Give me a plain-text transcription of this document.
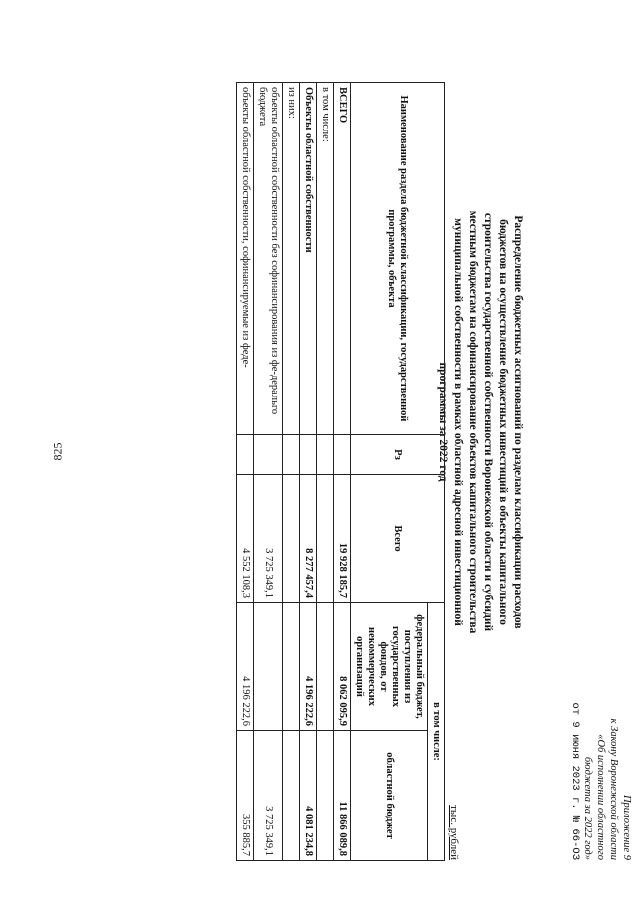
825
Приложение 9
к Закону Воронежской области
«Об исполнении областного
бюджета за 2022 год»
от 9 июня 2023 г. № 66-ОЗ
Распределение бюджетных ассигнований по разделам классификации расходов бюджетов на осуществление бюджетных инвестиций в объекты капитального строительства государственной собственности Воронежской области и субсидий местным бюджетам на софинансирование объектов капитального строительства муниципальной собственности в рамках областной адресной инвестиционной программы за 2022 год
тыс. рублей
Наименование раздела бюджетной классификации, государственной программы, объекта	Рз	Всего	в том числе:	
			федеральный бюджет, поступления из государственных фондов, от некоммерческих организаций	областной бюджет
ВСЕГО		19 928 185,7	8 062 095,9	11 866 089,8
в том числе:				
Объекты областной собственности		8 277 457,4	4 196 222,6	4 081 234,8
из них:				
объекты областной собственности без софинансирования из фе-деральго бюджета		3 725 349,1		3 725 349,1
объекты областной собственности, софинансируемые из феде-		4 552 108,3	4 196 222,6	355 885,7
